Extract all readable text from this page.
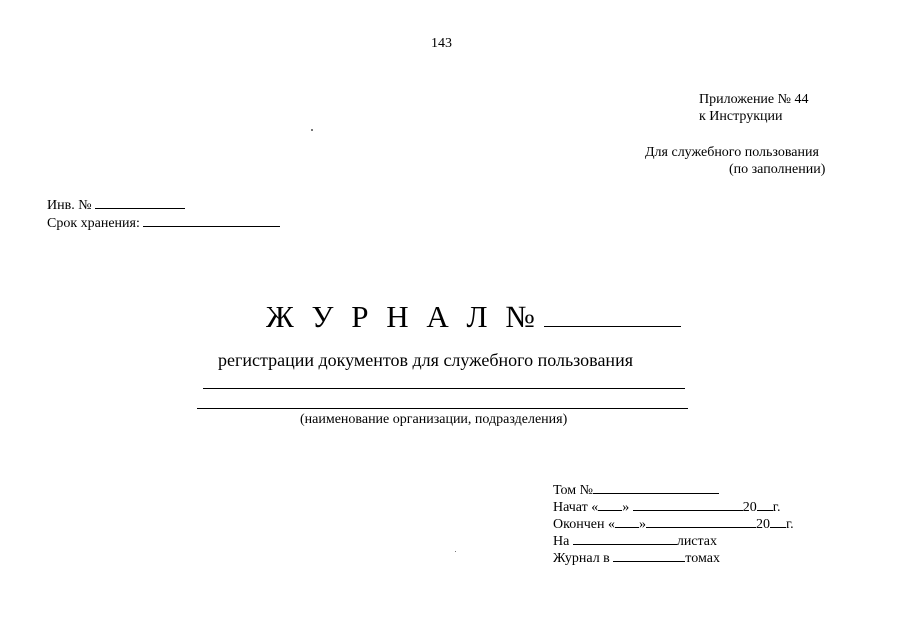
143
Приложение № 44
к Инструкции
Для служебного пользования
(по заполнении)
Инв. №
Срок хранения:
Ж У Р Н А Л №
регистрации документов для служебного пользования
(наименование организации, подразделения)
Том №
Начат « »	20 г.
Окончен « »	20 г.
На	листах
Журнал в	томах
